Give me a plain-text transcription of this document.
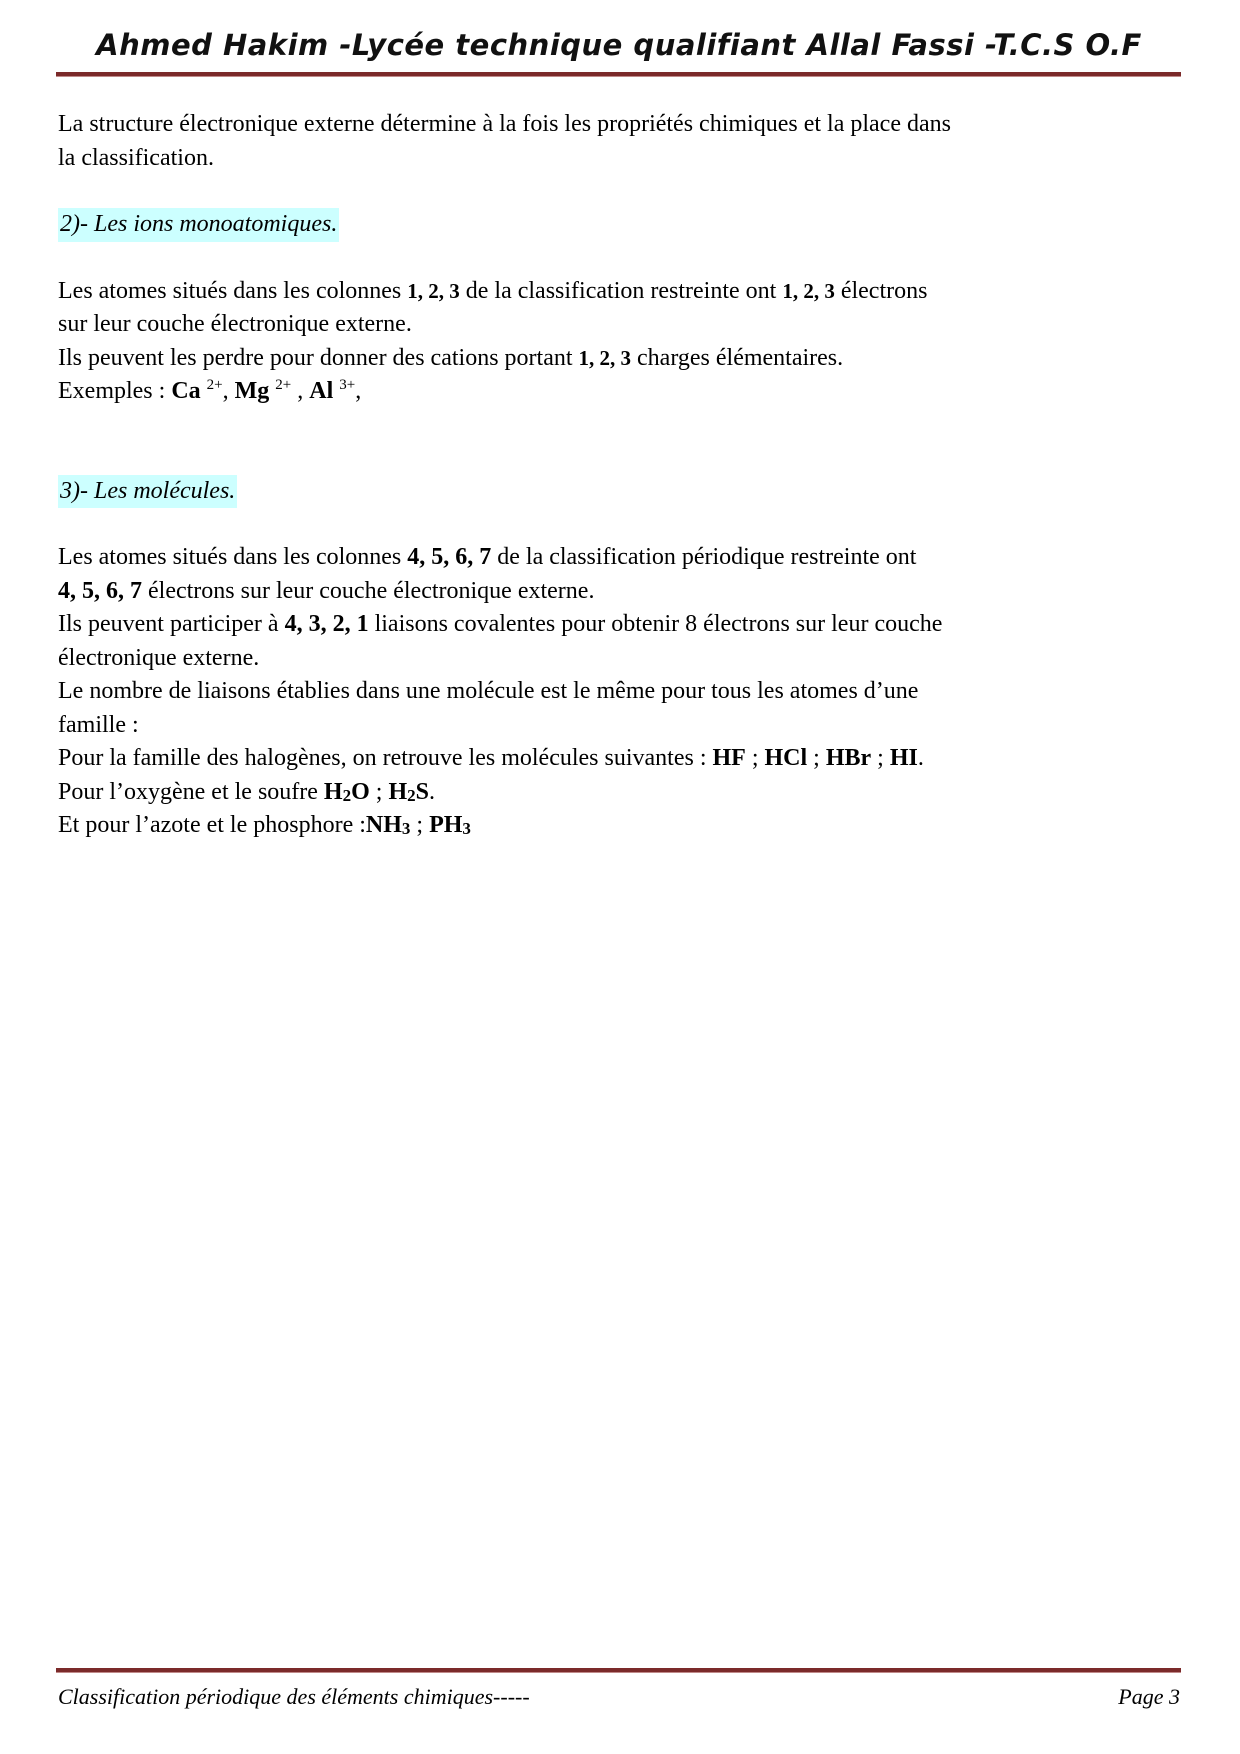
Ahmed Hakim -Lycée technique qualifiant Allal Fassi -T.C.S O.F

La structure électronique externe détermine à la fois les propriétés chimiques et la place dans
la classification.

2)- Les ions monoatomiques.

Les atomes situés dans les colonnes 1, 2, 3 de la classification restreinte ont 1, 2, 3 électrons
sur leur couche électronique externe.

Ils peuvent les perdre pour donner des cations portant 1, 2, 3 charges élémentaires.

Exemples : Ca $^{2+}$, Mg $^{2+}$ , Al $^{3+}$,

3)- Les molécules.

Les atomes situés dans les colonnes 4, 5, 6, 7 de la classification périodique restreinte ont
4, 5, 6, 7 électrons sur leur couche électronique externe.

Ils peuvent participer à 4, 3, 2, 1 liaisons covalentes pour obtenir 8 électrons sur leur couche
électronique externe.

Le nombre de liaisons établies dans une molécule est le même pour tous les atomes d’une
famille :

Pour la famille des halogènes, on retrouve les molécules suivantes : HF ; HCl ; HBr ; HI.

Pour l’oxygène et le soufre $H_2O$ ; $H_2S$.

Et pour l’azote et le phosphore $:NH_3$ ; $PH_3$

Classification périodique des éléments chimiques-----	Page 3
